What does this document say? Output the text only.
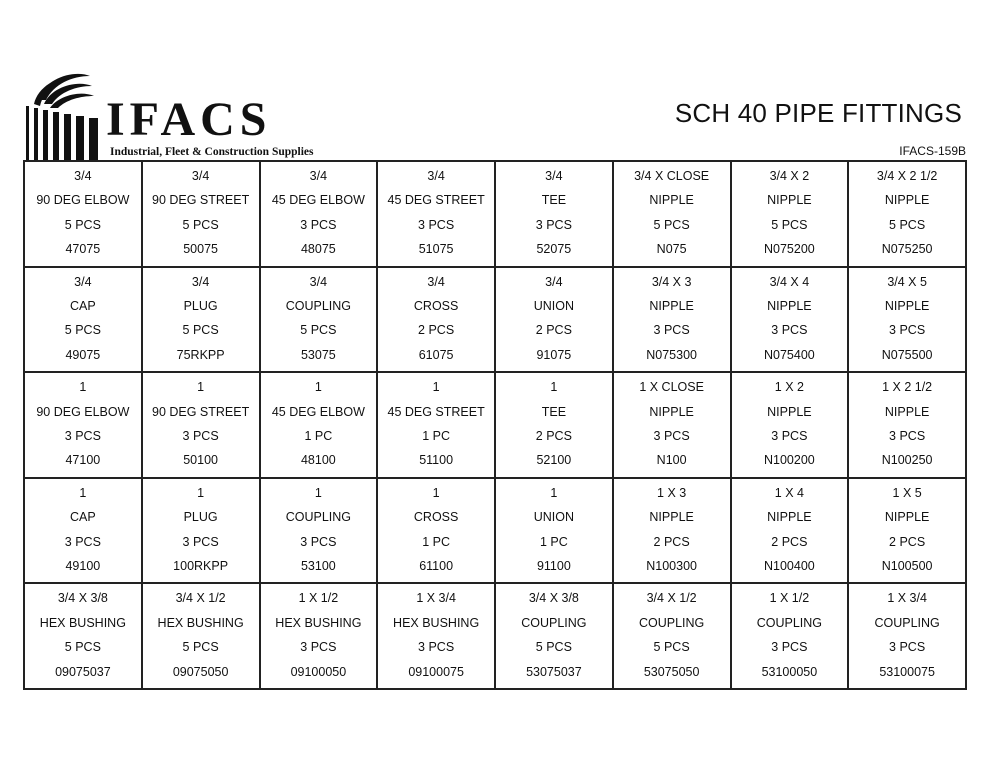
IFACS
Industrial, Fleet & Construction Supplies
SCH 40 PIPE FITTINGS
IFACS-159B
3/4
90 DEG ELBOW
5 PCS
47075
3/4
90 DEG STREET
5 PCS
50075
3/4
45 DEG ELBOW
3 PCS
48075
3/4
45 DEG STREET
3 PCS
51075
3/4
TEE
3 PCS
52075
3/4 X CLOSE
NIPPLE
5 PCS
N075
3/4 X 2
NIPPLE
5 PCS
N075200
3/4 X 2 1/2
NIPPLE
5 PCS
N075250
3/4
CAP
5 PCS
49075
3/4
PLUG
5 PCS
75RKPP
3/4
COUPLING
5 PCS
53075
3/4
CROSS
2 PCS
61075
3/4
UNION
2 PCS
91075
3/4 X 3
NIPPLE
3 PCS
N075300
3/4 X 4
NIPPLE
3 PCS
N075400
3/4 X 5
NIPPLE
3 PCS
N075500
1
90 DEG ELBOW
3 PCS
47100
1
90 DEG STREET
3 PCS
50100
1
45 DEG ELBOW
1 PC
48100
1
45 DEG STREET
1 PC
51100
1
TEE
2 PCS
52100
1 X CLOSE
NIPPLE
3 PCS
N100
1 X 2
NIPPLE
3 PCS
N100200
1 X 2 1/2
NIPPLE
3 PCS
N100250
1
CAP
3 PCS
49100
1
PLUG
3 PCS
100RKPP
1
COUPLING
3 PCS
53100
1
CROSS
1 PC
61100
1
UNION
1 PC
91100
1 X 3
NIPPLE
2 PCS
N100300
1 X 4
NIPPLE
2 PCS
N100400
1 X 5
NIPPLE
2 PCS
N100500
3/4 X 3/8
HEX BUSHING
5 PCS
09075037
3/4 X 1/2
HEX BUSHING
5 PCS
09075050
1 X 1/2
HEX BUSHING
3 PCS
09100050
1 X 3/4
HEX BUSHING
3 PCS
09100075
3/4 X 3/8
COUPLING
5 PCS
53075037
3/4 X 1/2
COUPLING
5 PCS
53075050
1 X 1/2
COUPLING
3 PCS
53100050
1 X 3/4
COUPLING
3 PCS
53100075
